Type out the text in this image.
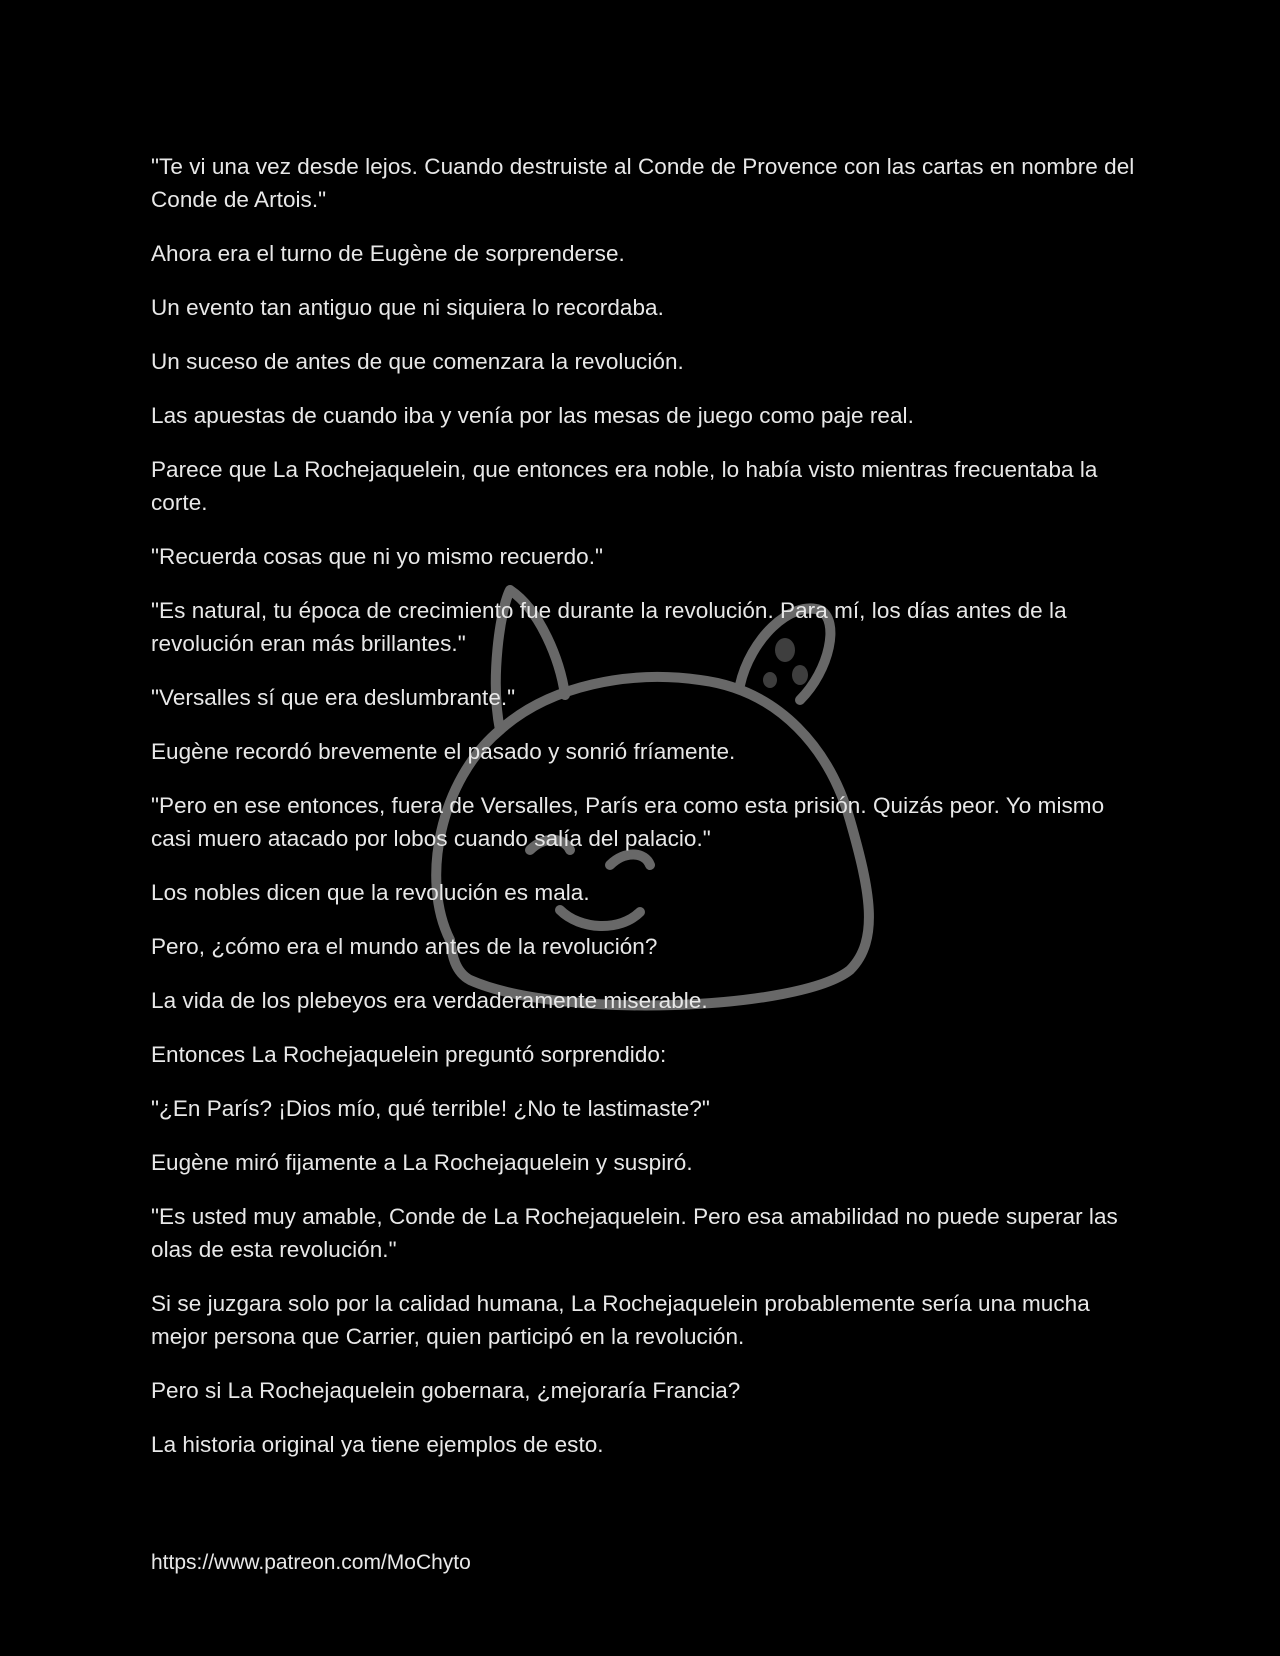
"Te vi una vez desde lejos. Cuando destruiste al Conde de Provence con las cartas en nombre del Conde de Artois."

Ahora era el turno de Eugène de sorprenderse.

Un evento tan antiguo que ni siquiera lo recordaba.

Un suceso de antes de que comenzara la revolución.

Las apuestas de cuando iba y venía por las mesas de juego como paje real.

Parece que La Rochejaquelein, que entonces era noble, lo había visto mientras frecuentaba la corte.

"Recuerda cosas que ni yo mismo recuerdo."

"Es natural, tu época de crecimiento fue durante la revolución. Para mí, los días antes de la revolución eran más brillantes."

"Versalles sí que era deslumbrante."

Eugène recordó brevemente el pasado y sonrió fríamente.

"Pero en ese entonces, fuera de Versalles, París era como esta prisión. Quizás peor. Yo mismo casi muero atacado por lobos cuando salía del palacio."

Los nobles dicen que la revolución es mala.

Pero, ¿cómo era el mundo antes de la revolución?

La vida de los plebeyos era verdaderamente miserable.

Entonces La Rochejaquelein preguntó sorprendido:

"¿En París? ¡Dios mío, qué terrible! ¿No te lastimaste?"

Eugène miró fijamente a La Rochejaquelein y suspiró.

"Es usted muy amable, Conde de La Rochejaquelein. Pero esa amabilidad no puede superar las olas de esta revolución."

Si se juzgara solo por la calidad humana, La Rochejaquelein probablemente sería una mucha mejor persona que Carrier, quien participó en la revolución.

Pero si La Rochejaquelein gobernara, ¿mejoraría Francia?

La historia original ya tiene ejemplos de esto.

https://www.patreon.com/MoChyto
